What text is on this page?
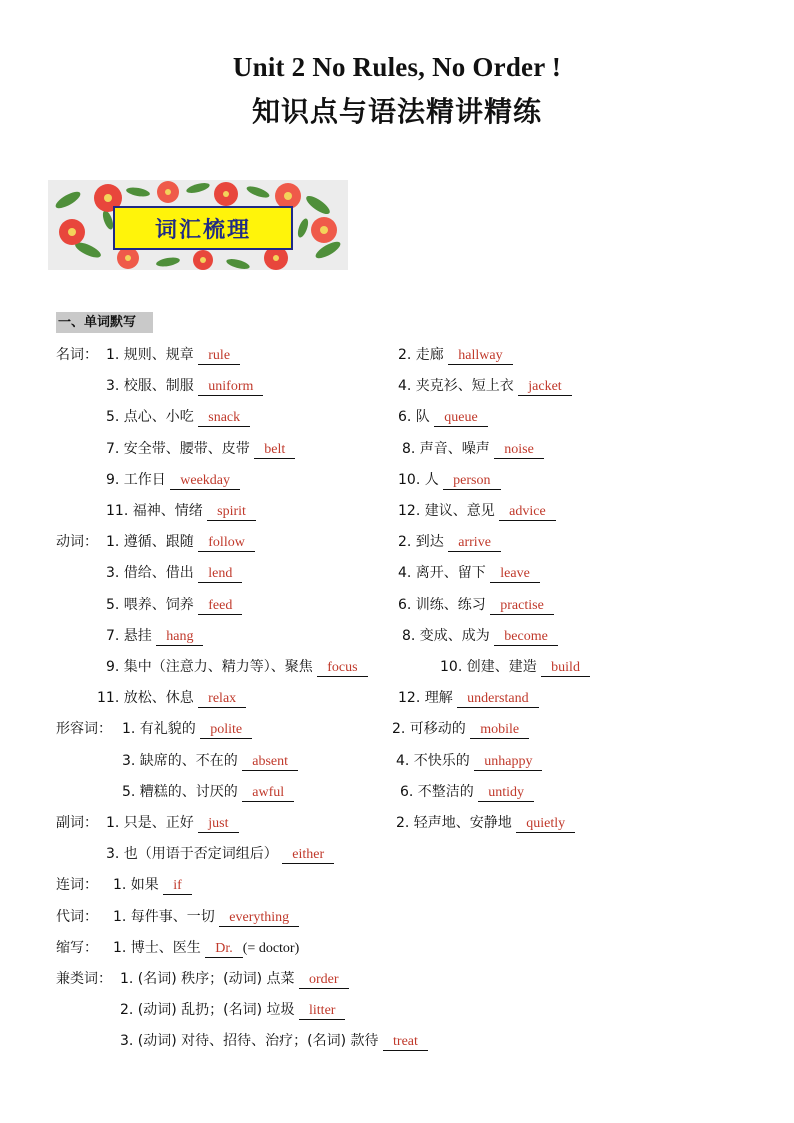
Unit 2 No Rules, No Order !
知识点与语法精讲精练
词汇梳理
一、单词默写
名词： 1. 规则、规章 rule	2. 走廊 hallway
3. 校服、制服 uniform	4. 夹克衫、短上衣 jacket
5. 点心、小吃 snack	6. 队 queue
7. 安全带、腰带、皮带 belt	8. 声音、噪声 noise
9. 工作日 weekday	10. 人 person
11. 福神、情绪 spirit	12. 建议、意见 advice
动词： 1. 遵循、跟随 follow	2. 到达 arrive
3. 借给、借出 lend	4. 离开、留下 leave
5. 喂养、饲养 feed	6. 训练、练习 practise
7. 悬挂 hang	8. 变成、成为 become
9. 集中（注意力、精力等）、聚焦 focus	10. 创建、建造 build
11. 放松、休息 relax	12. 理解 understand
形容词： 1. 有礼貌的 polite	2. 可移动的 mobile
3. 缺席的、不在的 absent	4. 不快乐的 unhappy
5. 糟糕的、讨厌的 awful	6. 不整洁的 untidy
副词： 1. 只是、正好 just	2. 轻声地、安静地 quietly
3. 也（用语于否定词组后） either
连词： 1. 如果 if
代词： 1. 每件事、一切 everything
缩写： 1. 博士、医生 Dr. (= doctor)
兼类词： 1. (名词) 秩序；(动词) 点菜 order
2. (动词) 乱扔；(名词) 垃圾 litter
3. (动词) 对待、招待、治疗；(名词) 款待 treat
